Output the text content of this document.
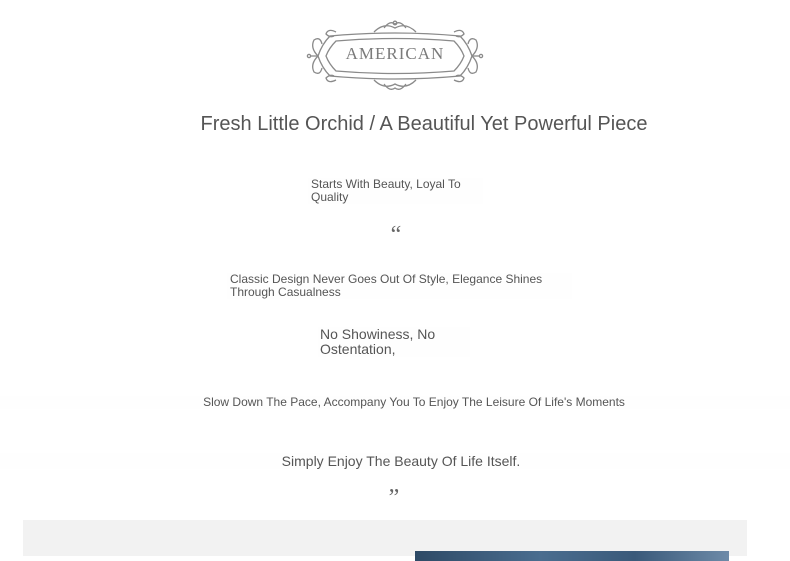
AMERICAN
Fresh Little Orchid / A Beautiful Yet Powerful Piece
Starts With Beauty, Loyal To Quality
“
Classic Design Never Goes Out Of Style, Elegance Shines Through Casualness
No Showiness, No Ostentation,
Slow Down The Pace, Accompany You To Enjoy The Leisure Of Life's Moments
Simply Enjoy The Beauty Of Life Itself.
”
